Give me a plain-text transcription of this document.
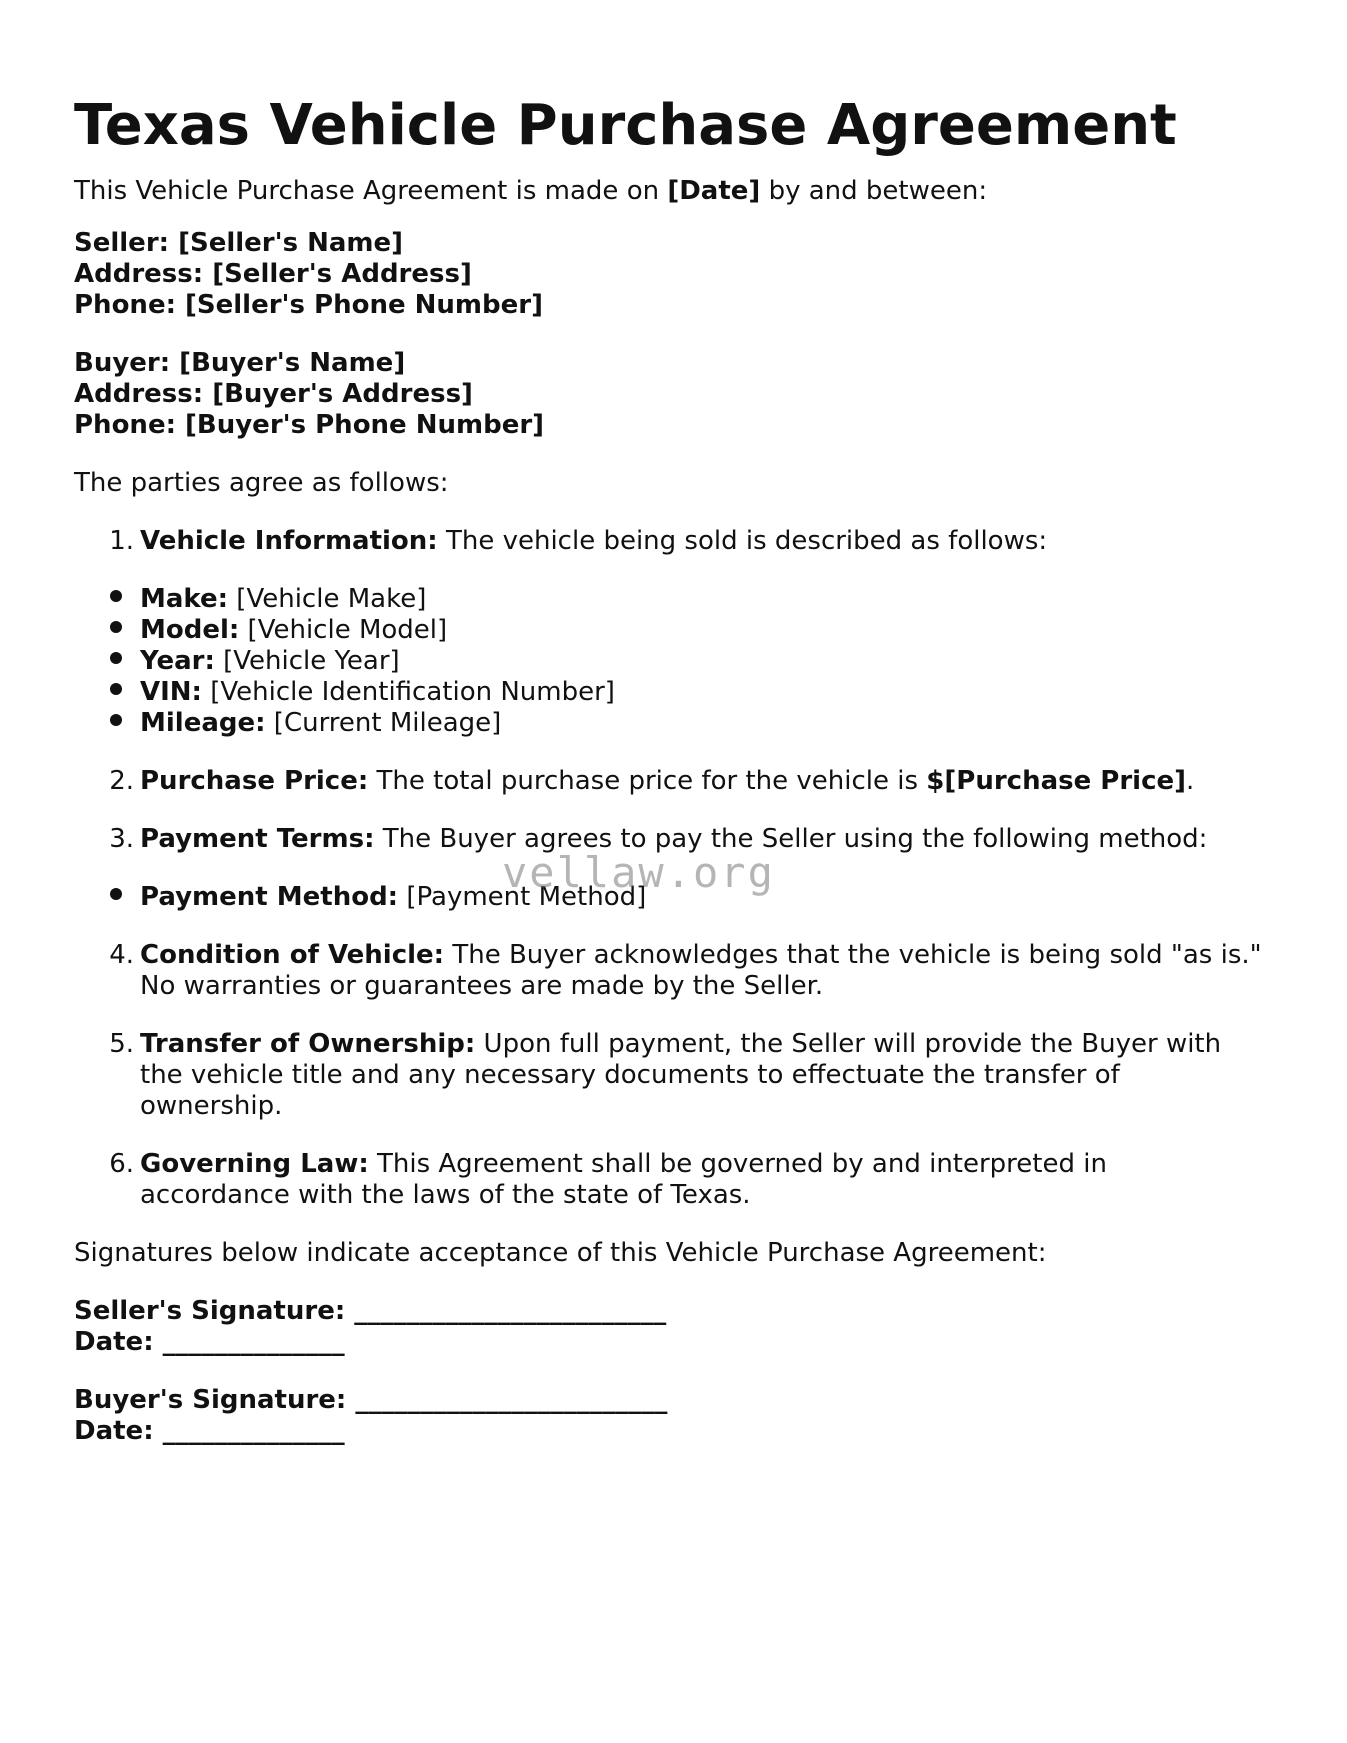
Texas Vehicle Purchase Agreement
This Vehicle Purchase Agreement is made on [Date] by and between:
Seller: [Seller's Name]
Address: [Seller's Address]
Phone: [Seller's Phone Number]
Buyer: [Buyer's Name]
Address: [Buyer's Address]
Phone: [Buyer's Phone Number]
The parties agree as follows:
1. Vehicle Information: The vehicle being sold is described as follows:
Make: [Vehicle Make]
Model: [Vehicle Model]
Year: [Vehicle Year]
VIN: [Vehicle Identification Number]
Mileage: [Current Mileage]
2. Purchase Price: The total purchase price for the vehicle is $[Purchase Price].
3. Payment Terms: The Buyer agrees to pay the Seller using the following method:
Payment Method: [Payment Method]
4. Condition of Vehicle: The Buyer acknowledges that the vehicle is being sold "as is."
No warranties or guarantees are made by the Seller.
5. Transfer of Ownership: Upon full payment, the Seller will provide the Buyer with
the vehicle title and any necessary documents to effectuate the transfer of
ownership.
6. Governing Law: This Agreement shall be governed by and interpreted in
accordance with the laws of the state of Texas.
Signatures below indicate acceptance of this Vehicle Purchase Agreement:
Seller's Signature: ________________________
Date: ______________
Buyer's Signature: ________________________
Date: ______________
vellaw.org
